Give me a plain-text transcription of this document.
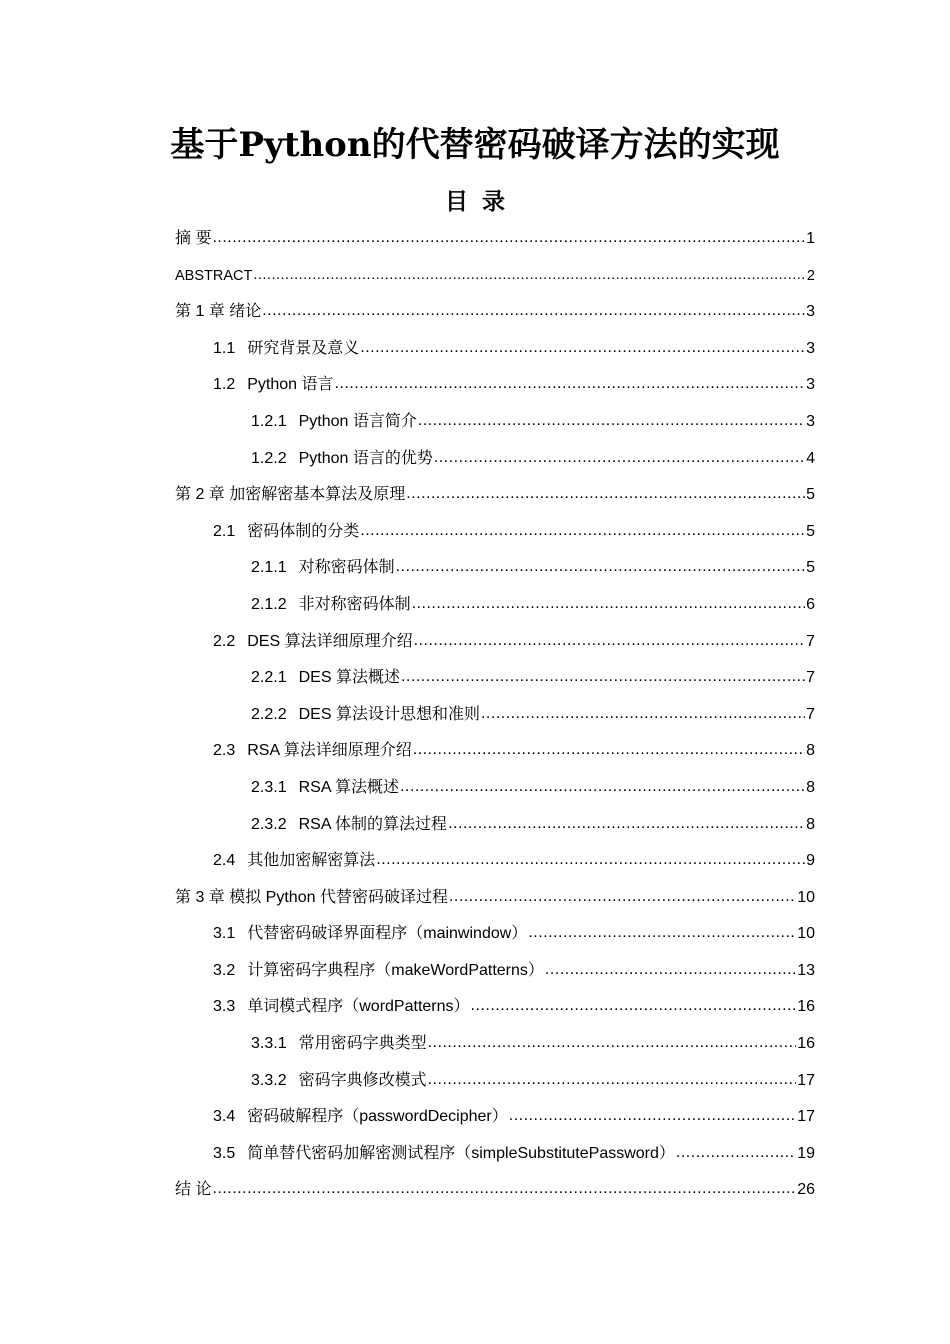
基于Python的代替密码破译方法的实现
目录
摘 要 .....	1
ABSTRACT .....	2
第 1 章 绪论 .....	3
1.1 研究背景及意义 .....	3
1.2 Python 语言 .....	3
1.2.1 Python 语言简介 .....	3
1.2.2 Python 语言的优势 .....	4
第 2 章 加密解密基本算法及原理 .....	5
2.1 密码体制的分类 .....	5
2.1.1 对称密码体制 .....	5
2.1.2 非对称密码体制 .....	6
2.2 DES 算法详细原理介绍 .....	7
2.2.1 DES 算法概述 .....	7
2.2.2 DES 算法设计思想和准则 .....	7
2.3 RSA 算法详细原理介绍 .....	8
2.3.1 RSA 算法概述 .....	8
2.3.2 RSA 体制的算法过程 .....	8
2.4 其他加密解密算法 .....	9
第 3 章 模拟 Python 代替密码破译过程 .....	10
3.1 代替密码破译界面程序（mainwindow） .....	10
3.2 计算密码字典程序（makeWordPatterns） .....	13
3.3 单词模式程序（wordPatterns） .....	16
3.3.1 常用密码字典类型 .....	16
3.3.2 密码字典修改模式 .....	17
3.4 密码破解程序（passwordDecipher） .....	17
3.5 简单替代密码加解密测试程序（simpleSubstitutePassword） .....	19
结 论 .....	26
